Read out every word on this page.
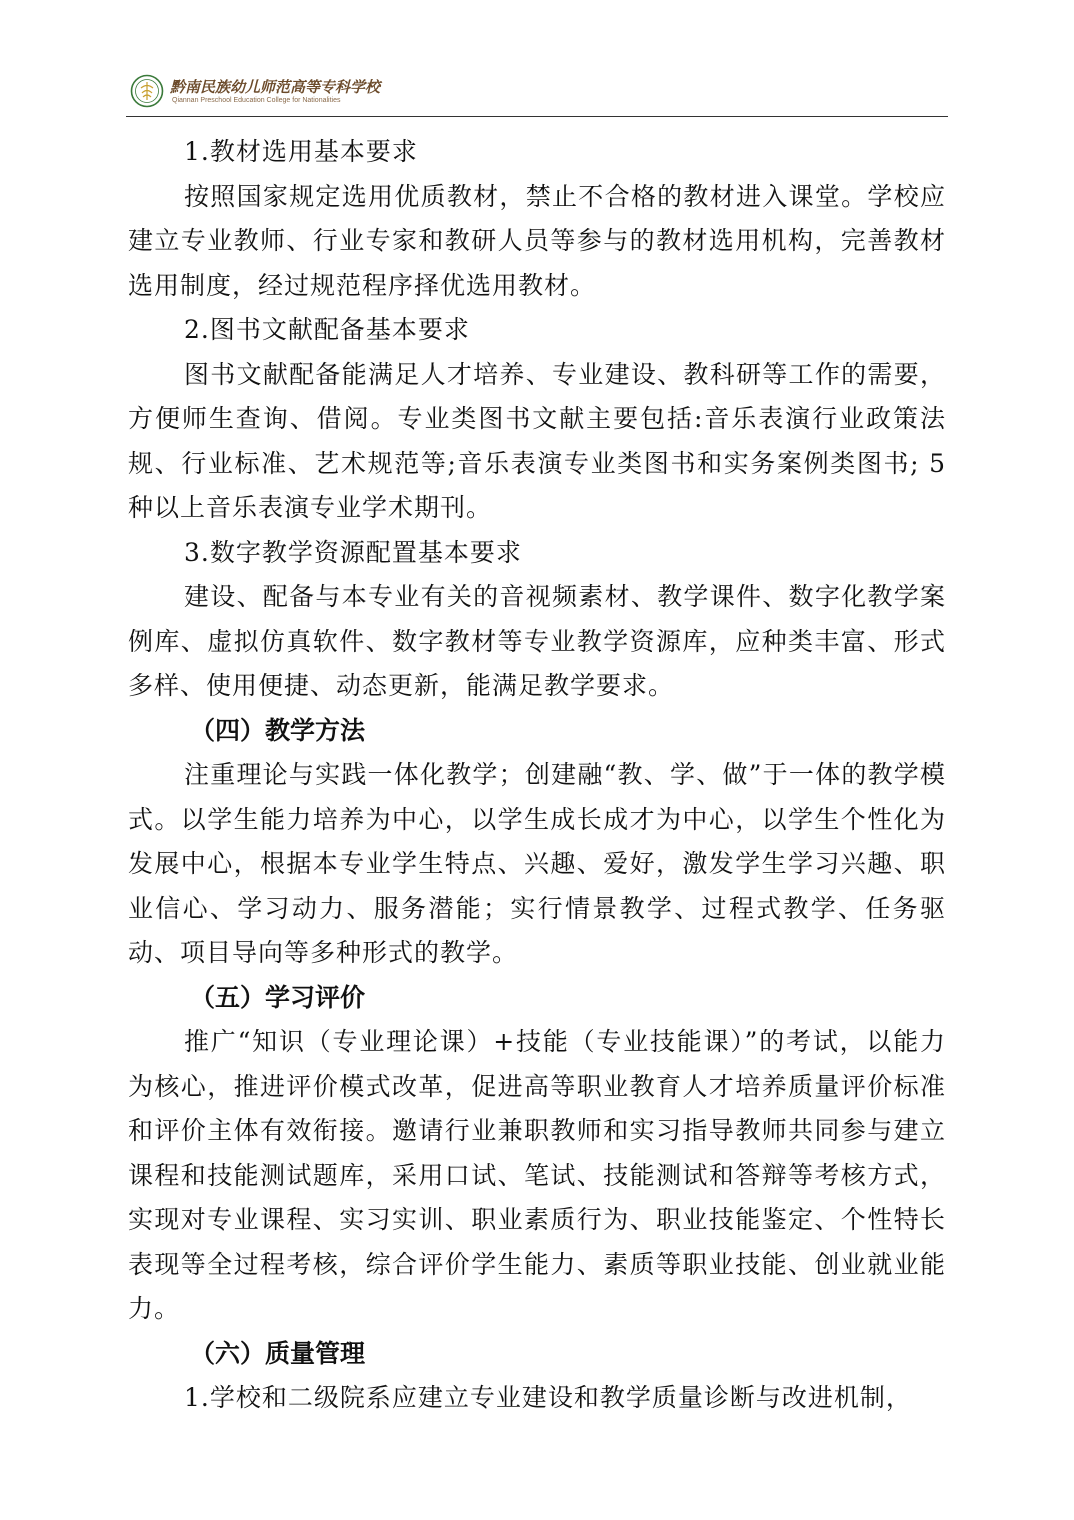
黔南民族幼儿师范高等专科学校
Qiannan Preschool Education College for Nationalities

1.教材选用基本要求

按照国家规定选用优质教材，禁止不合格的教材进入课堂。学校应建立专业教师、行业专家和教研人员等参与的教材选用机构，完善教材选用制度，经过规范程序择优选用教材。

2.图书文献配备基本要求

图书文献配备能满足人才培养、专业建设、教科研等工作的需要，方便师生查询、借阅。专业类图书文献主要包括:音乐表演行业政策法规、行业标准、艺术规范等;音乐表演专业类图书和实务案例类图书; 5种以上音乐表演专业学术期刊。

3.数字教学资源配置基本要求

建设、配备与本专业有关的音视频素材、教学课件、数字化教学案例库、虚拟仿真软件、数字教材等专业教学资源库，应种类丰富、形式多样、使用便捷、动态更新，能满足教学要求。

（四）教学方法

注重理论与实践一体化教学；创建融“教、学、做”于一体的教学模式。以学生能力培养为中心，以学生成长成才为中心，以学生个性化为发展中心，根据本专业学生特点、兴趣、爱好，激发学生学习兴趣、职业信心、学习动力、服务潜能；实行情景教学、过程式教学、任务驱动、项目导向等多种形式的教学。

（五）学习评价

推广“知识（专业理论课）+技能（专业技能课）”的考试，以能力为核心，推进评价模式改革，促进高等职业教育人才培养质量评价标准和评价主体有效衔接。邀请行业兼职教师和实习指导教师共同参与建立课程和技能测试题库，采用口试、笔试、技能测试和答辩等考核方式，实现对专业课程、实习实训、职业素质行为、职业技能鉴定、个性特长表现等全过程考核，综合评价学生能力、素质等职业技能、创业就业能力。

（六）质量管理

1.学校和二级院系应建立专业建设和教学质量诊断与改进机制，
